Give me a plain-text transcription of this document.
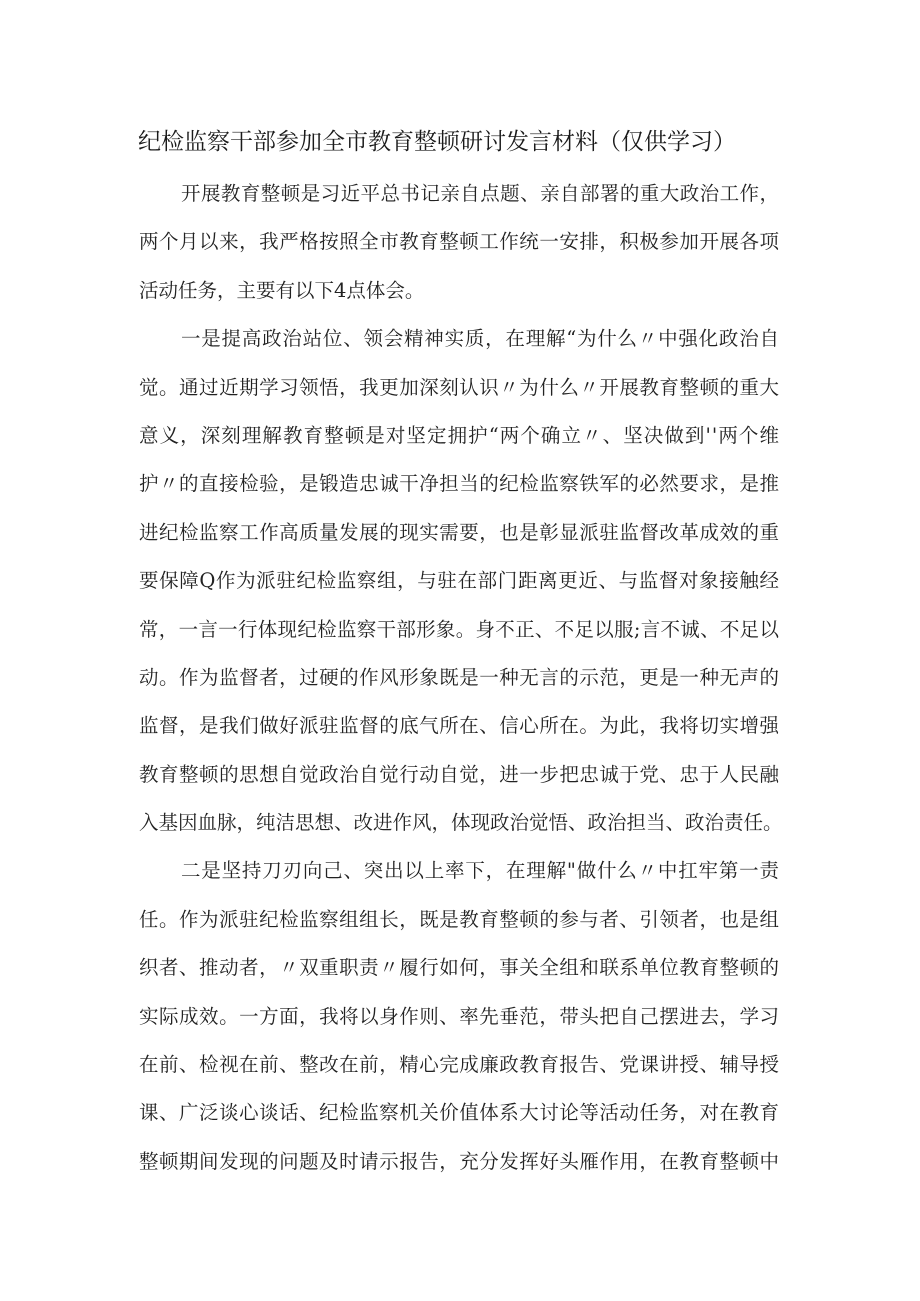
纪检监察干部参加全市教育整顿研讨发言材料（仅供学习）
开展教育整顿是习近平总书记亲自点题、亲自部署的重大政治工作，
两个月以来，我严格按照全市教育整顿工作统一安排，积极参加开展各项
活动任务，主要有以下4点体会。
一是提高政治站位、领会精神实质，在理解“为什么〃中强化政治自
觉。通过近期学习领悟，我更加深刻认识〃为什么〃开展教育整顿的重大
意义，深刻理解教育整顿是对坚定拥护“两个确立〃、坚决做到''两个维
护〃的直接检验，是锻造忠诚干净担当的纪检监察铁军的必然要求，是推
进纪检监察工作高质量发展的现实需要，也是彰显派驻监督改革成效的重
要保障Q作为派驻纪检监察组，与驻在部门距离更近、与监督对象接触经
常，一言一行体现纪检监察干部形象。身不正、不足以服;言不诚、不足以
动。作为监督者，过硬的作风形象既是一种无言的示范，更是一种无声的
监督，是我们做好派驻监督的底气所在、信心所在。为此，我将切实增强
教育整顿的思想自觉政治自觉行动自觉，进一步把忠诚于党、忠于人民融
入基因血脉，纯洁思想、改进作风，体现政治觉悟、政治担当、政治责任。
二是坚持刀刃向己、突出以上率下，在理解"做什么〃中扛牢第一责
任。作为派驻纪检监察组组长，既是教育整顿的参与者、引领者，也是组
织者、推动者，〃双重职责〃履行如何，事关全组和联系单位教育整顿的
实际成效。一方面，我将以身作则、率先垂范，带头把自己摆进去，学习
在前、检视在前、整改在前，精心完成廉政教育报告、党课讲授、辅导授
课、广泛谈心谈话、纪检监察机关价值体系大讨论等活动任务，对在教育
整顿期间发现的问题及时请示报告，充分发挥好头雁作用，在教育整顿中
